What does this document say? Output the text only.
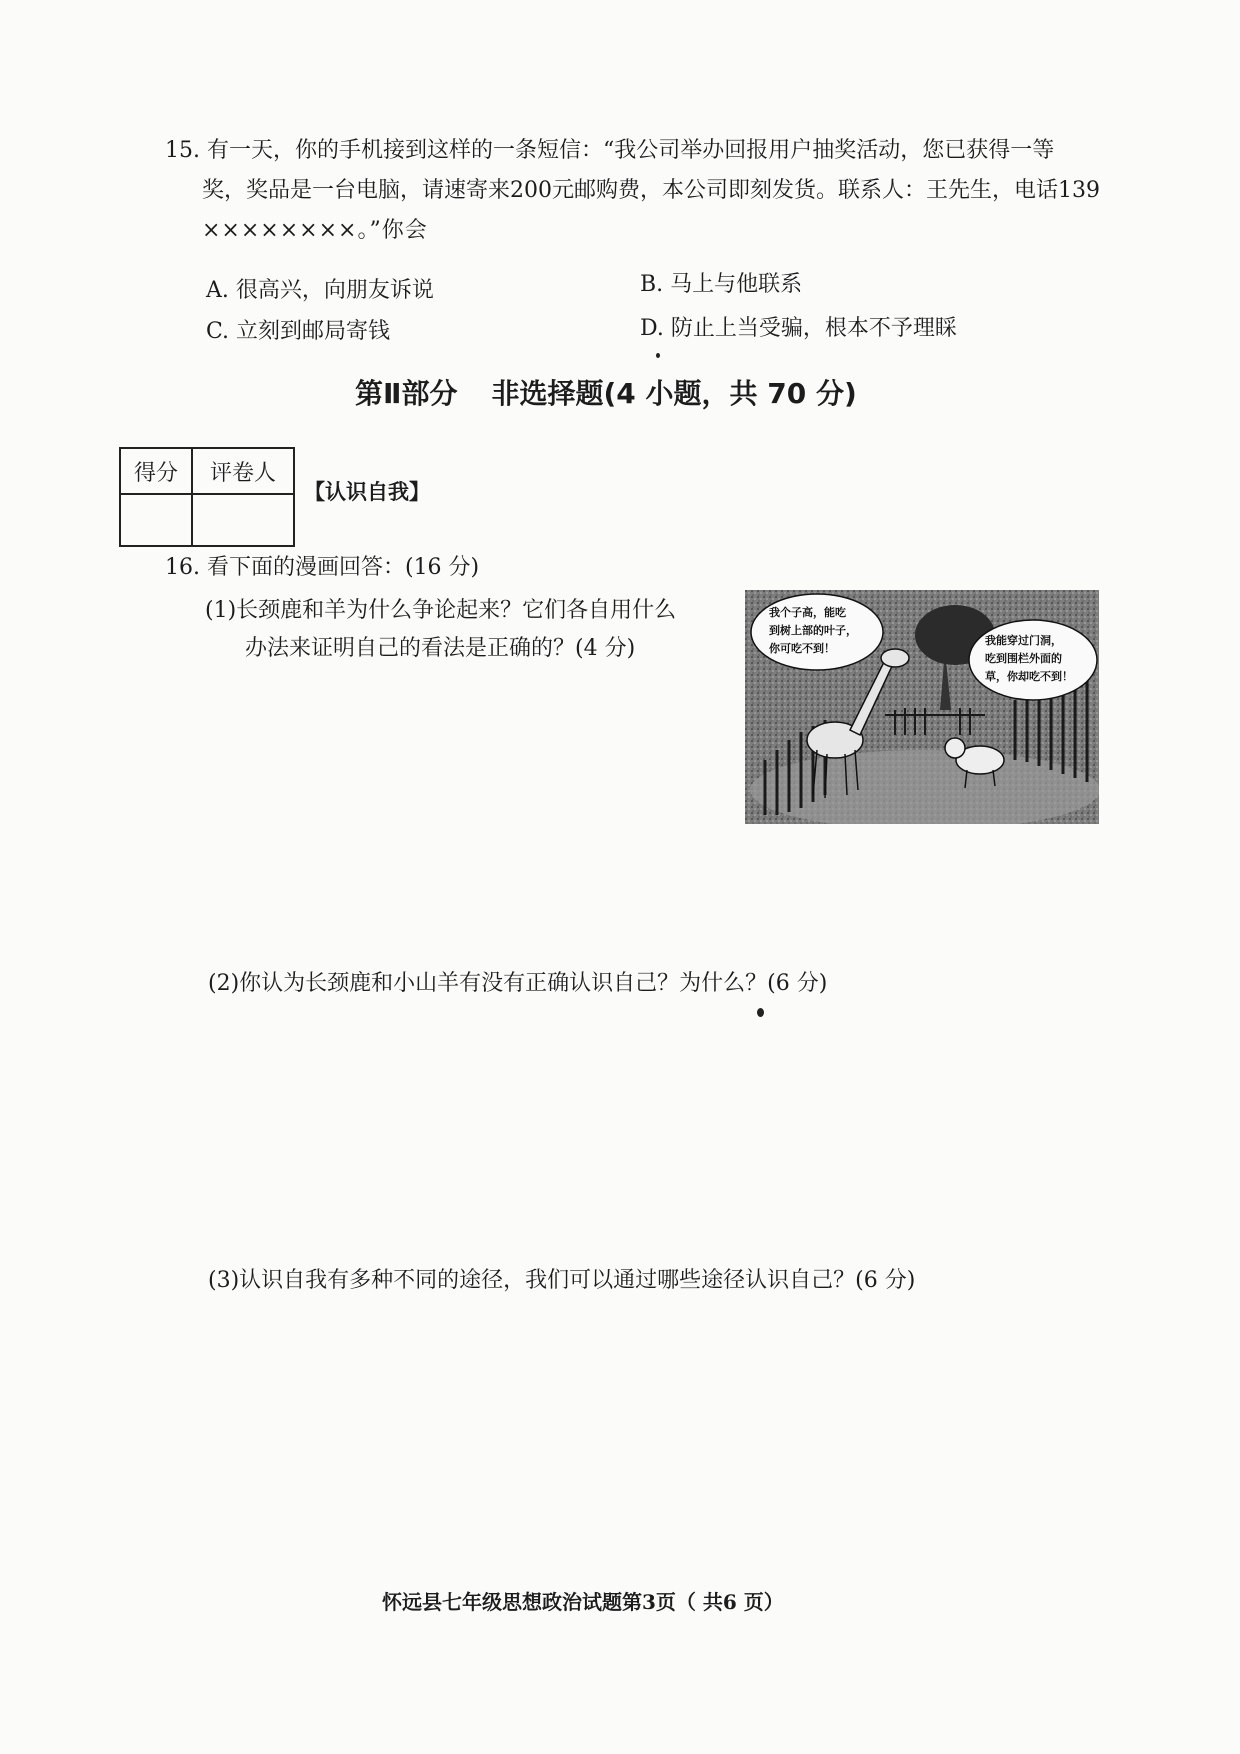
15. 有一天，你的手机接到这样的一条短信：“我公司举办回报用户抽奖活动，您已获得一等
奖，奖品是一台电脑，请速寄来200元邮购费，本公司即刻发货。联系人：王先生，电话139
××××××××。”你会
A. 很高兴，向朋友诉说	B. 马上与他联系
C. 立刻到邮局寄钱	D. 防止上当受骗，根本不予理睬
第Ⅱ部分 非选择题(4 小题，共 70 分)
得分	评卷人

【认识自我】
16. 看下面的漫画回答：(16 分)
(1)长颈鹿和羊为什么争论起来？它们各自用什么
办法来证明自己的看法是正确的？(4 分)
我个子高，能吃
到树上部的叶子，
你可吃不到！
我能穿过门洞，
吃到围栏外面的
草，你却吃不到！
(2)你认为长颈鹿和小山羊有没有正确认识自己？为什么？(6 分)
(3)认识自我有多种不同的途径，我们可以通过哪些途径认识自己？(6 分)
怀远县七年级思想政治试题第3页（ 共6 页）
